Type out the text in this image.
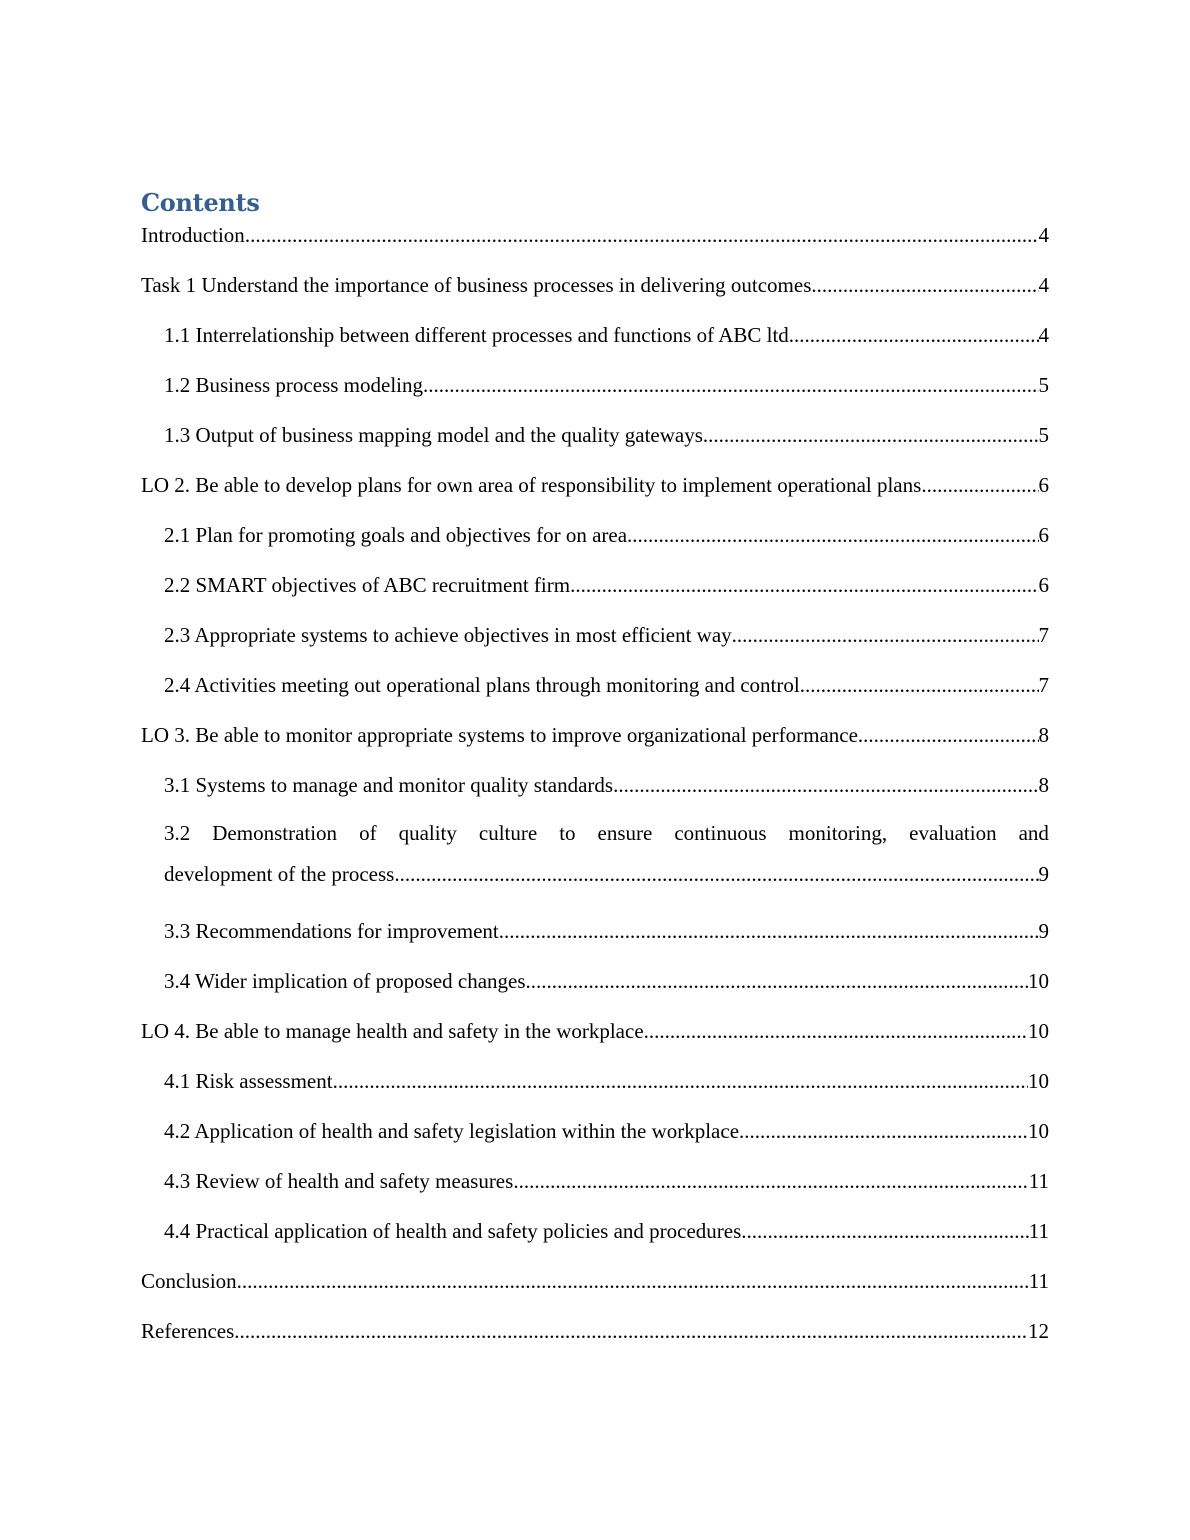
Contents
Introduction .....	4
Task 1 Understand the importance of business processes in delivering outcomes .....	4
1.1 Interrelationship between different processes and functions of ABC ltd .....	4
1.2 Business process modeling .....	5
1.3 Output of business mapping model and the quality gateways .....	5
LO 2. Be able to develop plans for own area of responsibility to implement operational plans .....	6
2.1 Plan for promoting goals and objectives for on area .....	6
2.2 SMART objectives of ABC recruitment firm .....	6
2.3 Appropriate systems to achieve objectives in most efficient way .....	7
2.4 Activities meeting out operational plans through monitoring and control .....	7
LO 3. Be able to monitor appropriate systems to improve organizational performance .....	8
3.1 Systems to manage and monitor quality standards .....	8
3.2 Demonstration of quality culture to ensure continuous monitoring, evaluation and
development of the process .....	9
3.3 Recommendations for improvement .....	9
3.4 Wider implication of proposed changes .....	10
LO 4. Be able to manage health and safety in the workplace .....	10
4.1 Risk assessment .....	10
4.2 Application of health and safety legislation within the workplace .....	10
4.3 Review of health and safety measures .....	11
4.4 Practical application of health and safety policies and procedures .....	11
Conclusion .....	11
References .....	12
